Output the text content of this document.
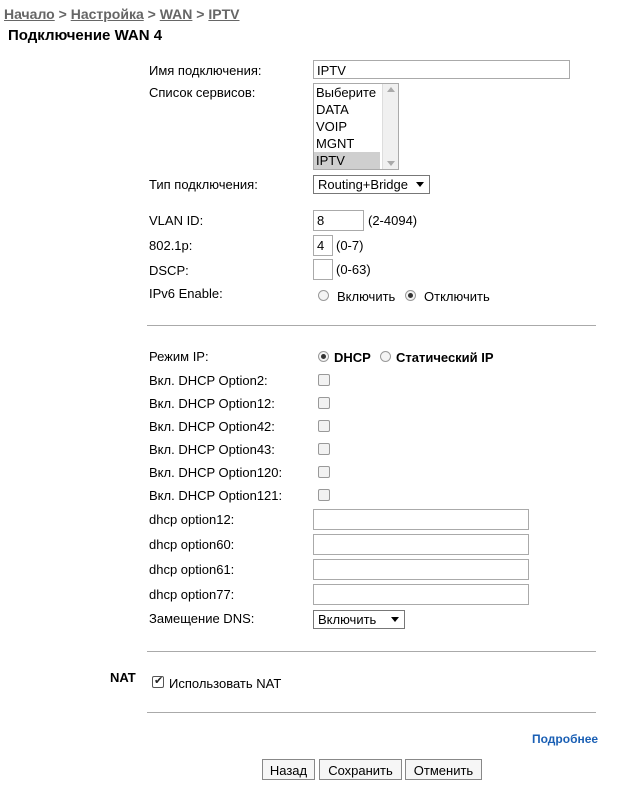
Начало > Настройка > WAN > IPTV
Подключение WAN 4
Имя подключения:	IPTV
Список сервисов:	Выберите
DATA
VOIP
MGNT
IPTV
Тип подключения:	Routing+Bridge
VLAN ID:	8	(2-4094)
802.1p:	4 (0-7)
DSCP:	(0-63)
IPv6 Enable:	Включить Отключить
Режим IP:	DHCP Статический IP
Вкл. DHCP Option2:
Вкл. DHCP Option12:
Вкл. DHCP Option42:
Вкл. DHCP Option43:
Вкл. DHCP Option120:
Вкл. DHCP Option121:
dhcp option12:
dhcp option60:
dhcp option61:
dhcp option77:
Замещение DNS:	Включить
NAT ✔	Использовать NAT
Подробнее
Назад	Сохранить	Отменить
